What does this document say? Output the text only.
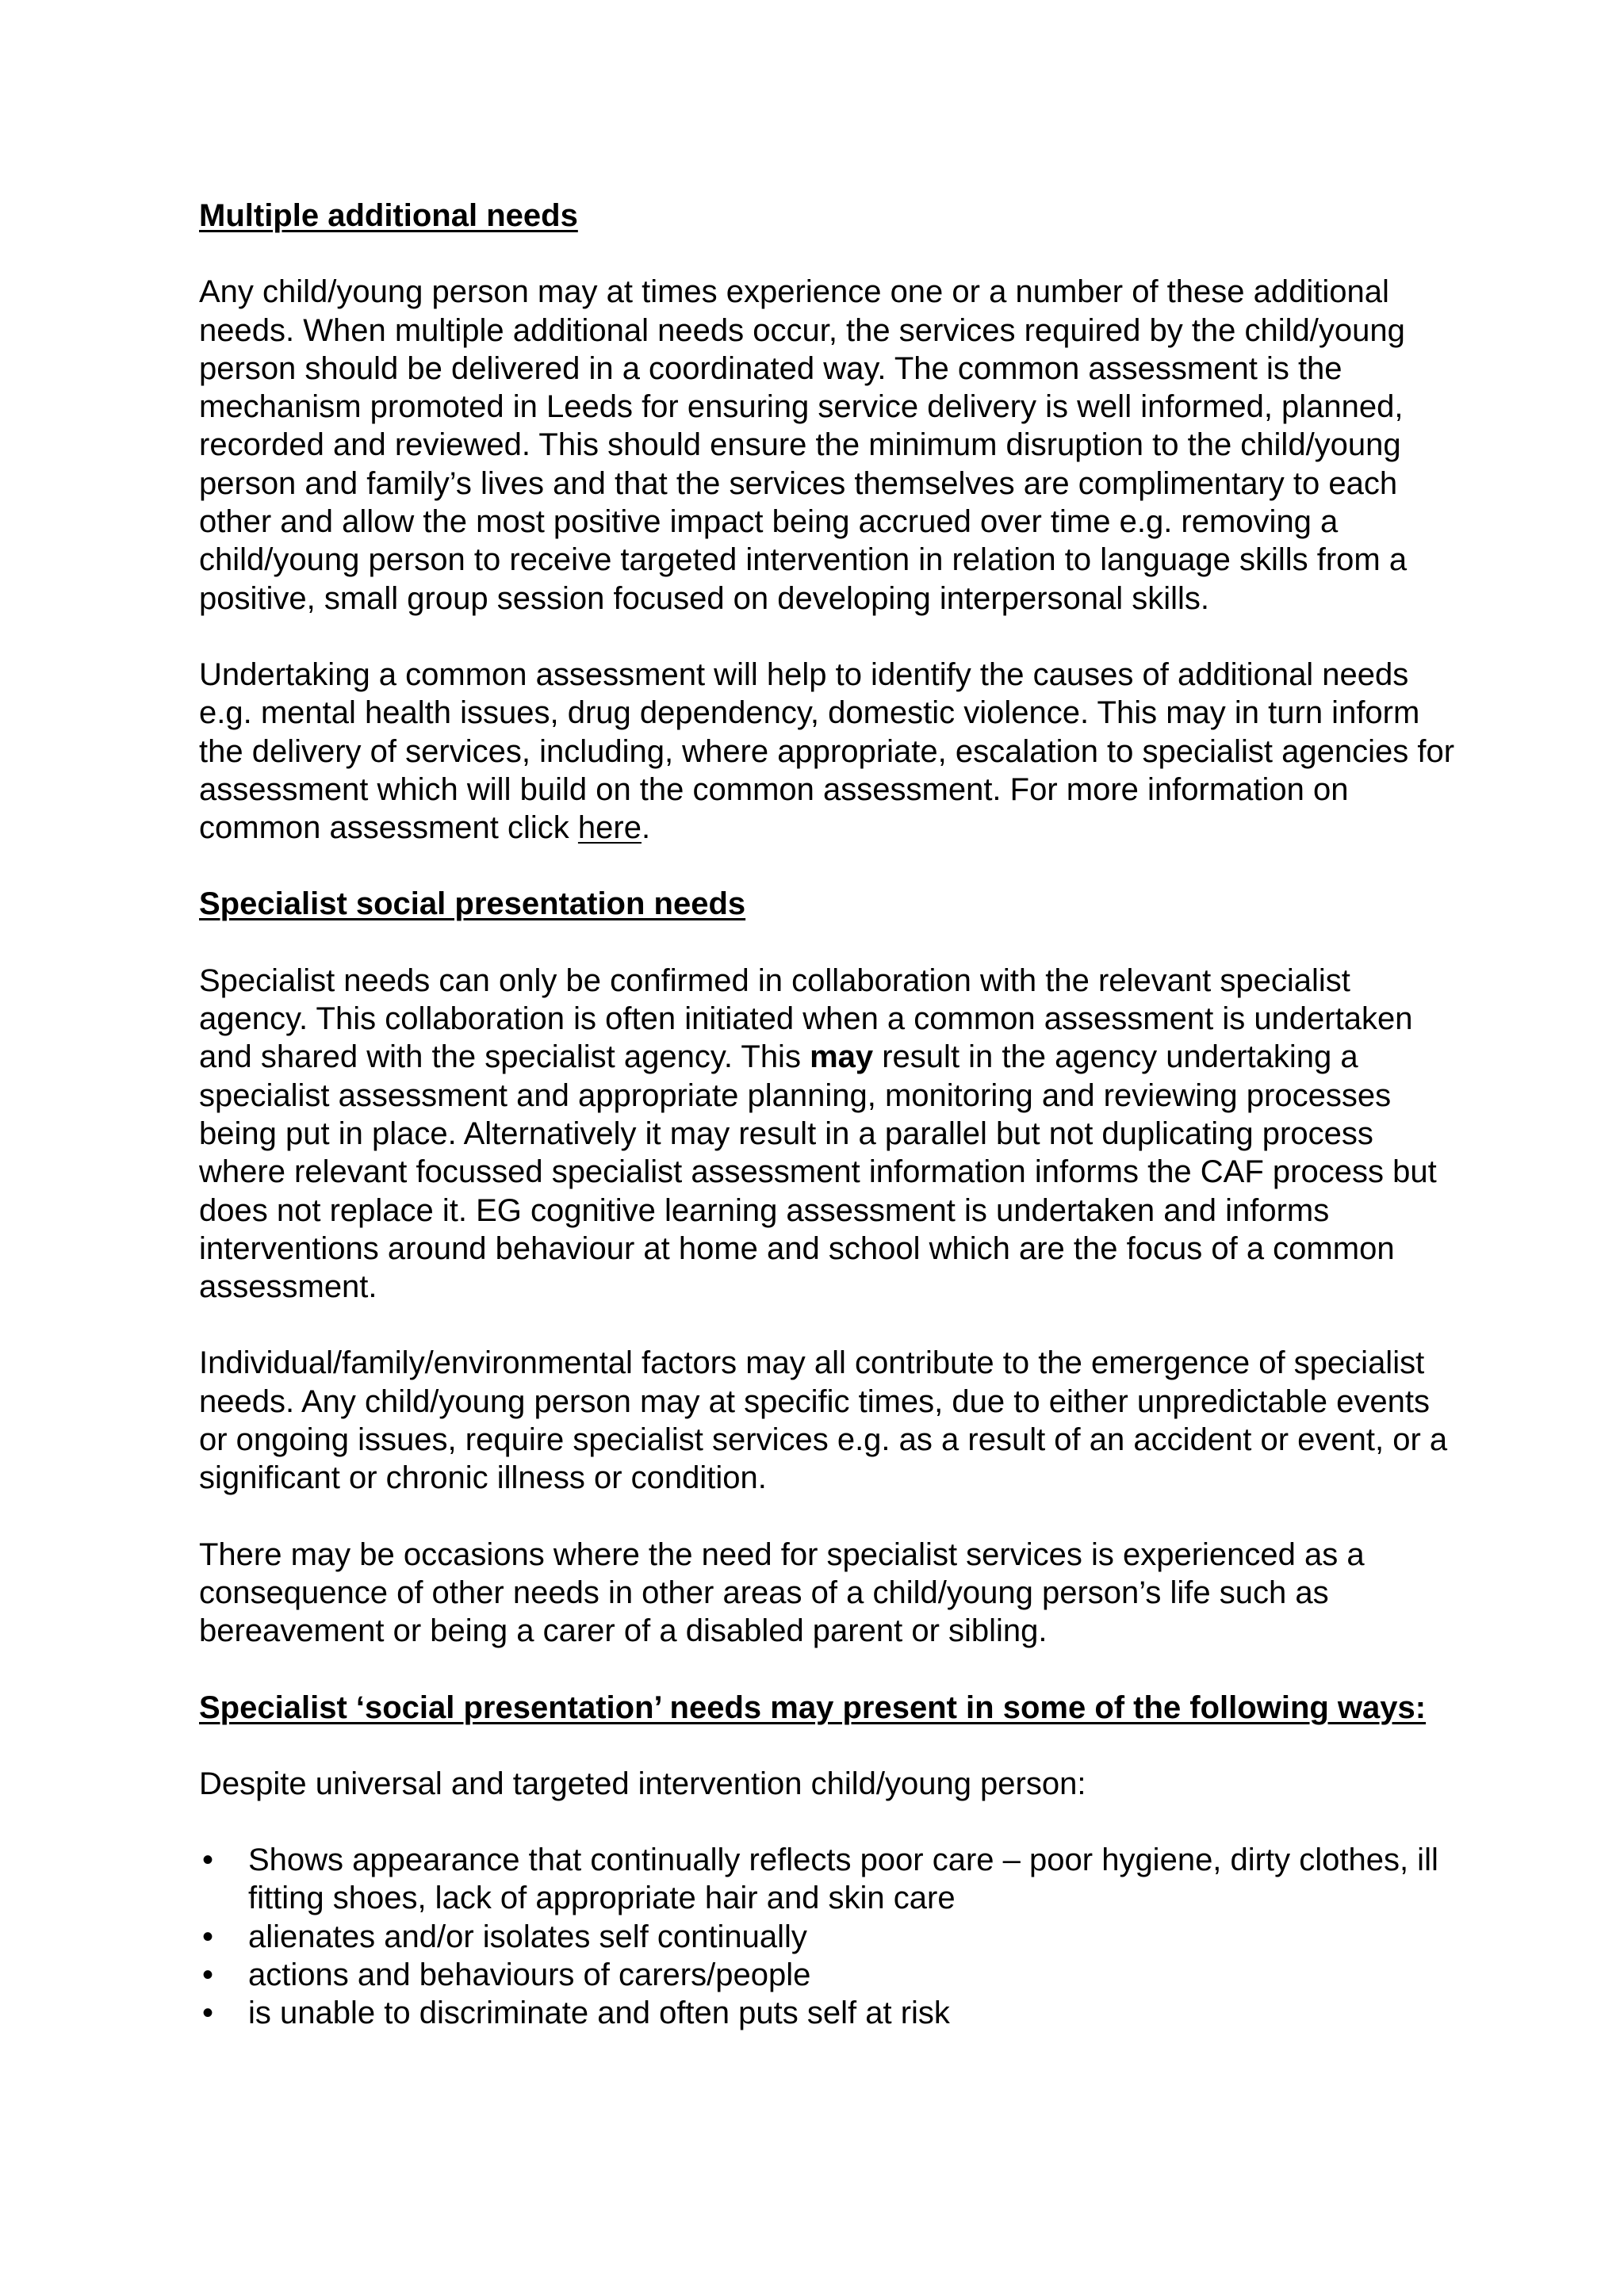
Multiple additional needs

Any child/young person may at times experience one or a number of these additional needs. When multiple additional needs occur, the services required by the child/young person should be delivered in a coordinated way. The common assessment is the mechanism promoted in Leeds for ensuring service delivery is well informed, planned, recorded and reviewed. This should ensure the minimum disruption to the child/young person and family’s lives and that the services themselves are complimentary to each other and allow the most positive impact being accrued over time e.g. removing a child/young person to receive targeted intervention in relation to language skills from a positive, small group session focused on developing interpersonal skills.

Undertaking a common assessment will help to identify the causes of additional needs e.g. mental health issues, drug dependency, domestic violence. This may in turn inform the delivery of services, including, where appropriate, escalation to specialist agencies for assessment which will build on the common assessment. For more information on common assessment click here.

Specialist social presentation needs

Specialist needs can only be confirmed in collaboration with the relevant specialist agency. This collaboration is often initiated when a common assessment is undertaken and shared with the specialist agency. This may result in the agency undertaking a specialist assessment and appropriate planning, monitoring and reviewing processes being put in place. Alternatively it may result in a parallel but not duplicating process where relevant focussed specialist assessment information informs the CAF process but does not replace it. EG cognitive learning assessment is undertaken and informs interventions around behaviour at home and school which are the focus of a common assessment.

Individual/family/environmental factors may all contribute to the emergence of specialist needs. Any child/young person may at specific times, due to either unpredictable events or ongoing issues, require specialist services e.g. as a result of an accident or event, or a significant or chronic illness or condition.

There may be occasions where the need for specialist services is experienced as a consequence of other needs in other areas of a child/young person’s life such as bereavement or being a carer of a disabled parent or sibling.

Specialist ‘social presentation’ needs may present in some of the following ways:

Despite universal and targeted intervention child/young person:

• Shows appearance that continually reflects poor care – poor hygiene, dirty clothes, ill fitting shoes, lack of appropriate hair and skin care
• alienates and/or isolates self continually
• actions and behaviours of carers/people
• is unable to discriminate and often puts self at risk
